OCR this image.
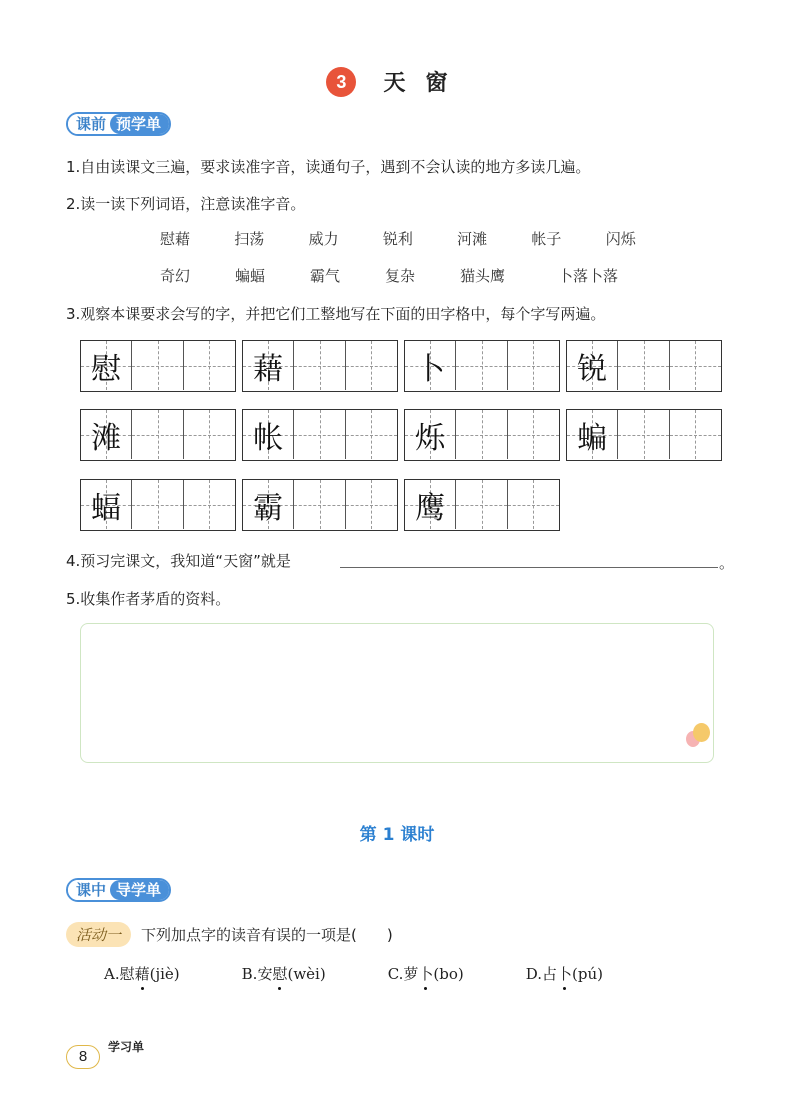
3 天窗
课前 预学单
1.自由读课文三遍，要求读准字音，读通句子，遇到不会认读的地方多读几遍。
2.读一读下列词语，注意读准字音。
慰藉	扫荡	威力	锐利	河滩	帐子	闪烁
奇幻	蝙蝠	霸气	复杂	猫头鹰	卜落卜落
3.观察本课要求会写的字，并把它们工整地写在下面的田字格中，每个字写两遍。
慰	藉	卜	锐
滩	帐	烁	蝙
蝠	霸	鹰
4.预习完课文，我知道“天窗”就是	。
5.收集作者茅盾的资料。
第 1 课时
课中 导学单
活动一	下列加点字的读音有误的一项是(　　)
A.慰藉(jiè)	B.安慰(wèi)	C.萝卜(bo)	D.占卜(pú)
8
学习单
